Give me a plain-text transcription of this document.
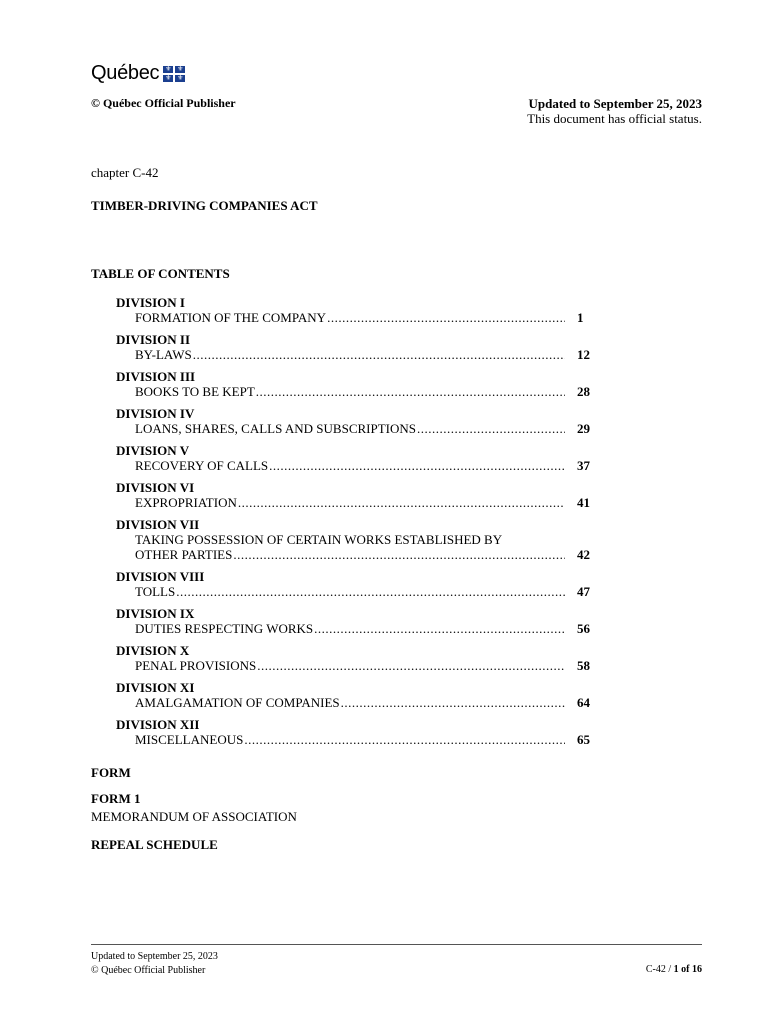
Québec ⚜ ⚜
⚜ ⚜
© Québec Official Publisher	Updated to September 25, 2023
This document has official status.
chapter C-42
TIMBER-DRIVING COMPANIES ACT
TABLE OF CONTENTS
DIVISION I
FORMATION OF THE COMPANY .....	1
DIVISION II
BY-LAWS .....	12
DIVISION III
BOOKS TO BE KEPT .....	28
DIVISION IV
LOANS, SHARES, CALLS AND SUBSCRIPTIONS .....	29
DIVISION V
RECOVERY OF CALLS .....	37
DIVISION VI
EXPROPRIATION .....	41
DIVISION VII
TAKING POSSESSION OF CERTAIN WORKS ESTABLISHED BY
OTHER PARTIES .....	42
DIVISION VIII
TOLLS .....	47
DIVISION IX
DUTIES RESPECTING WORKS .....	56
DIVISION X
PENAL PROVISIONS .....	58
DIVISION XI
AMALGAMATION OF COMPANIES .....	64
DIVISION XII
MISCELLANEOUS .....	65
FORM
FORM 1
MEMORANDUM OF ASSOCIATION
REPEAL SCHEDULE
Updated to September 25, 2023
© Québec Official Publisher	C-42 / 1 of 16
